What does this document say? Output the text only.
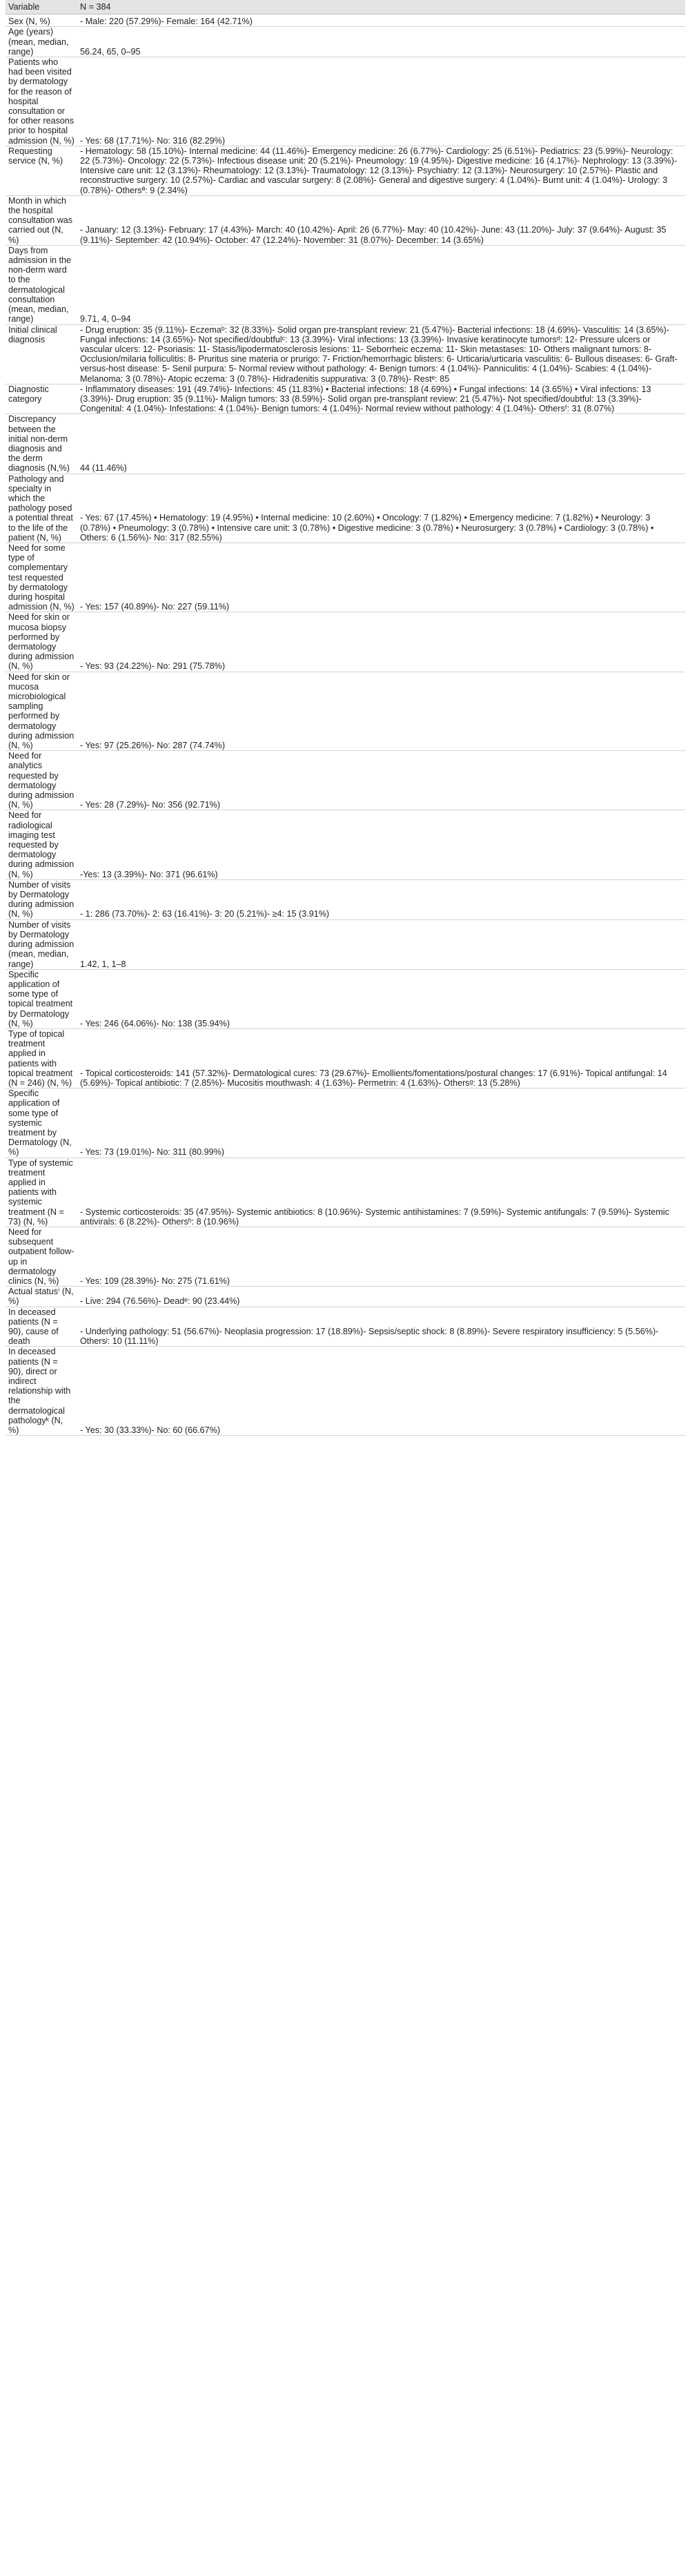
Variable	N = 384
Sex (N, %)	- Male: 220 (57.29%)- Female: 164 (42.71%)
Age (years) (mean, median, range)	56.24, 65, 0–95
Patients who had been visited by dermatology for the reason of hospital consultation or for other reasons prior to hospital admission (N, %)	- Yes: 68 (17.71%)- No: 316 (82.29%)
Requesting service (N, %)	- Hematology: 58 (15.10%)- Internal medicine: 44 (11.46%)- Emergency medicine: 26 (6.77%)- Cardiology: 25 (6.51%)- Pediatrics: 23 (5.99%)- Neurology: 22 (5.73%)- Oncology: 22 (5.73%)- Infectious disease unit: 20 (5.21%)- Pneumology: 19 (4.95%)- Digestive medicine: 16 (4.17%)- Nephrology: 13 (3.39%)- Intensive care unit: 12 (3.13%)- Rheumatology: 12 (3.13%)- Traumatology: 12 (3.13%)- Psychiatry: 12 (3.13%)- Neurosurgery: 10 (2.57%)- Plastic and reconstructive surgery: 10 (2.57%)- Cardiac and vascular surgery: 8 (2.08%)- General and digestive surgery: 4 (1.04%)- Burnt unit: 4 (1.04%)- Urology: 3 (0.78%)- Othersª: 9 (2.34%)
Month in which the hospital consultation was carried out (N, %)	- January: 12 (3.13%)- February: 17 (4.43%)- March: 40 (10.42%)- April: 26 (6.77%)- May: 40 (10.42%)- June: 43 (11.20%)- July: 37 (9.64%)- August: 35 (9.11%)- September: 42 (10.94%)- October: 47 (12.24%)- November: 31 (8.07%)- December: 14 (3.65%)
Days from admission in the non-derm ward to the dermatological consultation (mean, median, range)	9.71, 4, 0–94
Initial clinical diagnosis	- Drug eruption: 35 (9.11%)- Eczemaᵇ: 32 (8.33%)- Solid organ pre-transplant review: 21 (5.47%)- Bacterial infections: 18 (4.69%)- Vasculitis: 14 (3.65%)- Fungal infections: 14 (3.65%)- Not specified/doubtfulᶜ: 13 (3.39%)- Viral infections: 13 (3.39%)- Invasive keratinocyte tumorsᵈ: 12- Pressure ulcers or vascular ulcers: 12- Psoriasis: 11- Stasis/lipodermatosclerosis lesions: 11- Seborrheic eczema: 11- Skin metastases: 10- Others malignant tumors: 8- Occlusion/milaria folliculitis: 8- Pruritus sine materia or prurigo: 7- Friction/hemorrhagic blisters: 6- Urticaria/urticaria vasculitis: 6- Bullous diseases: 6- Graft-versus-host disease: 5- Senil purpura: 5- Normal review without pathology: 4- Benign tumors: 4 (1.04%)- Panniculitis: 4 (1.04%)- Scabies: 4 (1.04%)- Melanoma: 3 (0.78%)- Atopic eczema: 3 (0.78%)- Hidradenitis suppurativa: 3 (0.78%)- Restᵉ: 85
Diagnostic category	- Inflammatory diseases: 191 (49.74%)- Infections: 45 (11.83%) • Bacterial infections: 18 (4.69%) • Fungal infections: 14 (3.65%) • Viral infections: 13 (3.39%)- Drug eruption: 35 (9.11%)- Malign tumors: 33 (8.59%)- Solid organ pre-transplant review: 21 (5.47%)- Not specified/doubtful: 13 (3.39%)- Congenital: 4 (1.04%)- Infestations: 4 (1.04%)- Benign tumors: 4 (1.04%)- Normal review without pathology: 4 (1.04%)- Othersᶠ: 31 (8.07%)
Discrepancy between the initial non-derm diagnosis and the derm diagnosis (N,%)	44 (11.46%)
Pathology and specialty in which the pathology posed a potential threat to the life of the patient (N, %)	- Yes: 67 (17.45%) • Hematology: 19 (4.95%) • Internal medicine: 10 (2.60%) • Oncology: 7 (1.82%) • Emergency medicine: 7 (1.82%) • Neurology: 3 (0.78%) • Pneumology: 3 (0.78%) • Intensive care unit: 3 (0.78%) • Digestive medicine: 3 (0.78%) • Neurosurgery: 3 (0.78%) • Cardiology: 3 (0.78%) • Others: 6 (1.56%)- No: 317 (82.55%)
Need for some type of complementary test requested by dermatology during hospital admission (N, %)	- Yes: 157 (40.89%)- No: 227 (59.11%)
Need for skin or mucosa biopsy performed by dermatology during admission (N, %)	- Yes: 93 (24.22%)- No: 291 (75.78%)
Need for skin or mucosa microbiological sampling performed by dermatology during admission (N, %)	- Yes: 97 (25.26%)- No: 287 (74.74%)
Need for analytics requested by dermatology during admission (N, %)	- Yes: 28 (7.29%)- No: 356 (92.71%)
Need for radiological imaging test requested by dermatology during admission (N, %)	-Yes: 13 (3.39%)- No: 371 (96.61%)
Number of visits by Dermatology during admission (N, %)	- 1: 286 (73.70%)- 2: 63 (16.41%)- 3: 20 (5.21%)- ≥4: 15 (3.91%)
Number of visits by Dermatology during admission (mean, median, range)	1.42, 1, 1–8
Specific application of some type of topical treatment by Dermatology (N, %)	- Yes: 246 (64.06%)- No: 138 (35.94%)
Type of topical treatment applied in patients with topical treatment (N = 246) (N, %)	- Topical corticosteroids: 141 (57.32%)- Dermatological cures: 73 (29.67%)- Emollients/fomentations/postural changes: 17 (6.91%)- Topical antifungal: 14 (5.69%)- Topical antibiotic: 7 (2.85%)- Mucositis mouthwash: 4 (1.63%)- Permetrin: 4 (1.63%)- Othersᵍ: 13 (5.28%)
Specific application of some type of systemic treatment by Dermatology (N, %)	- Yes: 73 (19.01%)- No: 311 (80.99%)
Type of systemic treatment applied in patients with systemic treatment (N = 73) (N, %)	- Systemic corticosteroids: 35 (47.95%)- Systemic antibiotics: 8 (10.96%)- Systemic antihistamines: 7 (9.59%)- Systemic antifungals: 7 (9.59%)- Systemic antivirals: 6 (8.22%)- Othersʰ: 8 (10.96%)
Need for subsequent outpatient follow-up in dermatology clinics (N, %)	- Yes: 109 (28.39%)- No: 275 (71.61%)
Actual statusⁱ (N, %)	- Live: 294 (76.56%)- Deadᵉ: 90 (23.44%)
In deceased patients (N = 90), cause of death	- Underlying pathology: 51 (56.67%)- Neoplasia progression: 17 (18.89%)- Sepsis/septic shock: 8 (8.89%)- Severe respiratory insufficiency: 5 (5.56%)- Othersʲ: 10 (11.11%)
In deceased patients (N = 90), direct or indirect relationship with the dermatological pathologyᵏ (N, %)	- Yes: 30 (33.33%)- No: 60 (66.67%)
